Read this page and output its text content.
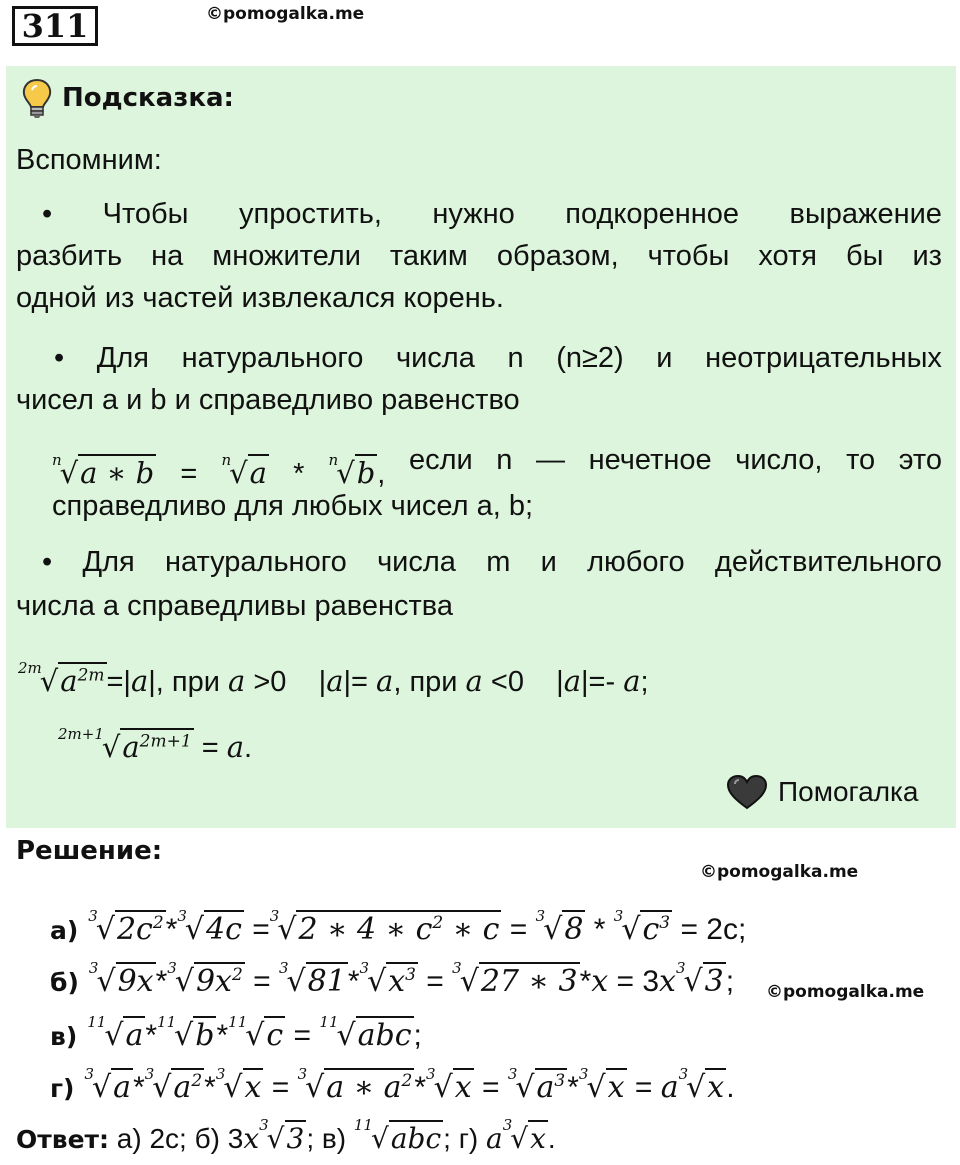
311	©pomogalka.me
Подсказка:
Вспомним:
• Чтобы упростить, нужно подкоренное выражение
разбить на множители таким образом, чтобы хотя бы из
одной из частей извлекался корень.
• Для натурального числа n (n≥2) и неотрицательных
чисел a и b и справедливо равенство
$^n$√a ∗ b = $^n$√a * $^n$√b, если n — нечетное число, то это
справедливо для любых чисел a, b;
• Для натурального числа m и любого действительного
числа a справедливы равенства
$^{2m}√a^{2m}=|a|$, при a >0    |a|= a, при a <0    |a|=- a;
$^{2m+1}√a^{2m+1} = a$.
Помогалка
Решение:
©pomogalka.me
а) $^3√2c^2*^3√4c =^3√2$ ∗ 4 ∗ $c^2$ ∗ $c = ^3√8 * ^3√c^3 = 2c$;
б) $^3√9x*^3√9x^2 = ^3√81*^3√x^3 = ^3√27$ ∗ $3*x = 3x^3√3$; ©pomogalka.me
в) $^{11}$√a*$^{11}$√b*$^{11}$√c = $^{11}$√abc;
г) $^3√a*^3√a^2*^3√x = ^3√a$ ∗ $a^2*^3√x = ^3√a^3*^3√x = a^3√x$.
Ответ: а) 2с; б) $3x^3√3$; в) $^{11}$√abc; г) $a^3√x$.
